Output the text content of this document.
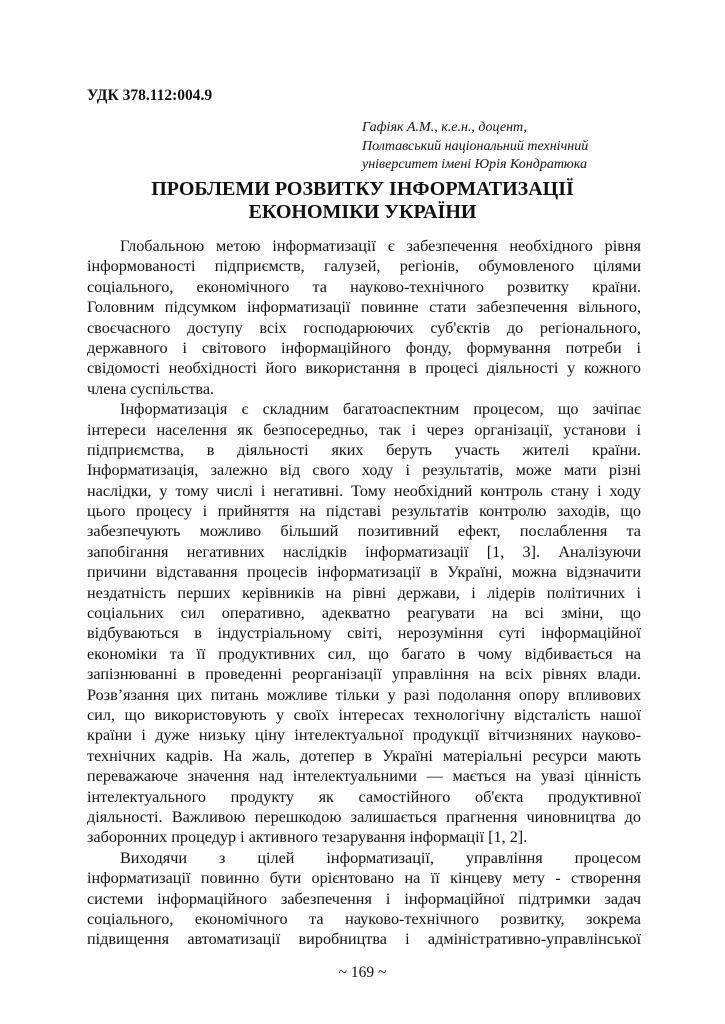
УДК 378.112:004.9
Гафіяк А.М., к.е.н., доцент,
Полтавський національний технічний
університет імені Юрія Кондратюка
ПРОБЛЕМИ РОЗВИТКУ ІНФОРМАТИЗАЦІЇ
ЕКОНОМІКИ УКРАЇНИ
Глобальною метою інформатизації є забезпечення необхідного рівня
інформованості підприємств, галузей, регіонів, обумовленого цілями
соціального, економічного та науково-технічного розвитку країни.
Головним підсумком інформатизації повинне стати забезпечення вільного,
своєчасного доступу всіх господарюючих суб'єктів до регіонального,
державного і світового інформаційного фонду, формування потреби і
свідомості необхідності його використання в процесі діяльності у кожного
члена суспільства.
Інформатизація є складним багатоаспектним процесом, що зачіпає
інтереси населення як безпосередньо, так і через організації, установи і
підприємства, в діяльності яких беруть участь жителі країни.
Інформатизація, залежно від свого ходу і результатів, може мати різні
наслідки, у тому числі і негативні. Тому необхідний контроль стану і ходу
цього процесу і прийняття на підставі результатів контролю заходів, що
забезпечують можливо більший позитивний ефект, послаблення та
запобігання негативних наслідків інформатизації [1, 3]. Аналізуючи
причини відставання процесів інформатизації в Україні, можна відзначити
нездатність перших керівників на рівні держави, і лідерів політичних і
соціальних сил оперативно, адекватно реагувати на всі зміни, що
відбуваються в індустріальному світі, нерозуміння суті інформаційної
економіки та її продуктивних сил, що багато в чому відбивається на
запізнюванні в проведенні реорганізації управління на всіх рівнях влади.
Розв’язання цих питань можливе тільки у разі подолання опору впливових
сил, що використовують у своїх інтересах технологічну відсталість нашої
країни і дуже низьку ціну інтелектуальної продукції вітчизняних науково-
технічних кадрів. На жаль, дотепер в Україні матеріальні ресурси мають
переважаюче значення над інтелектуальними — мається на увазі цінність
інтелектуального продукту як самостійного об'єкта продуктивної
діяльності. Важливою перешкодою залишається прагнення чиновництва до
заборонних процедур і активного тезарування інформації [1, 2].
Виходячи з цілей інформатизації, управління процесом
інформатизації повинно бути орієнтовано на її кінцеву мету - створення
системи інформаційного забезпечення і інформаційної підтримки задач
соціального, економічного та науково-технічного розвитку, зокрема
підвищення автоматизації виробництва і адміністративно-управлінської
~ 169 ~
